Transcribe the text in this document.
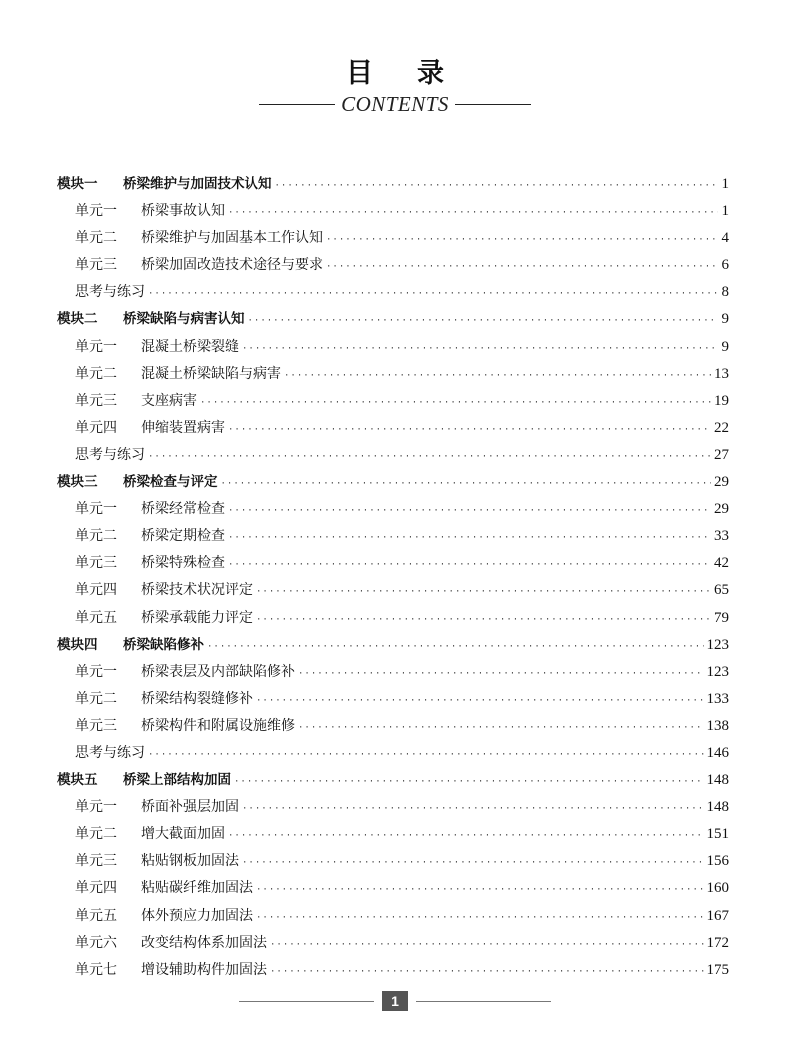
目录
CONTENTS
模块一	桥梁维护与加固技术认知 ·····	1
单元一	桥梁事故认知 ·····	1
单元二	桥梁维护与加固基本工作认知 ·····	4
单元三	桥梁加固改造技术途径与要求 ·····	6
思考与练习 ·····	8
模块二	桥梁缺陷与病害认知 ·····	9
单元一	混凝土桥梁裂缝 ·····	9
单元二	混凝土桥梁缺陷与病害 ·····	13
单元三	支座病害 ·····	19
单元四	伸缩装置病害 ·····	22
思考与练习 ·····	27
模块三	桥梁检查与评定 ·····	29
单元一	桥梁经常检查 ·····	29
单元二	桥梁定期检查 ·····	33
单元三	桥梁特殊检查 ·····	42
单元四	桥梁技术状况评定 ·····	65
单元五	桥梁承载能力评定 ·····	79
模块四	桥梁缺陷修补 ·····	123
单元一	桥梁表层及内部缺陷修补 ·····	123
单元二	桥梁结构裂缝修补 ·····	133
单元三	桥梁构件和附属设施维修 ·····	138
思考与练习 ·····	146
模块五	桥梁上部结构加固 ·····	148
单元一	桥面补强层加固 ·····	148
单元二	增大截面加固 ·····	151
单元三	粘贴钢板加固法 ·····	156
单元四	粘贴碳纤维加固法 ·····	160
单元五	体外预应力加固法 ·····	167
单元六	改变结构体系加固法 ·····	172
单元七	增设辅助构件加固法 ·····	175
1
